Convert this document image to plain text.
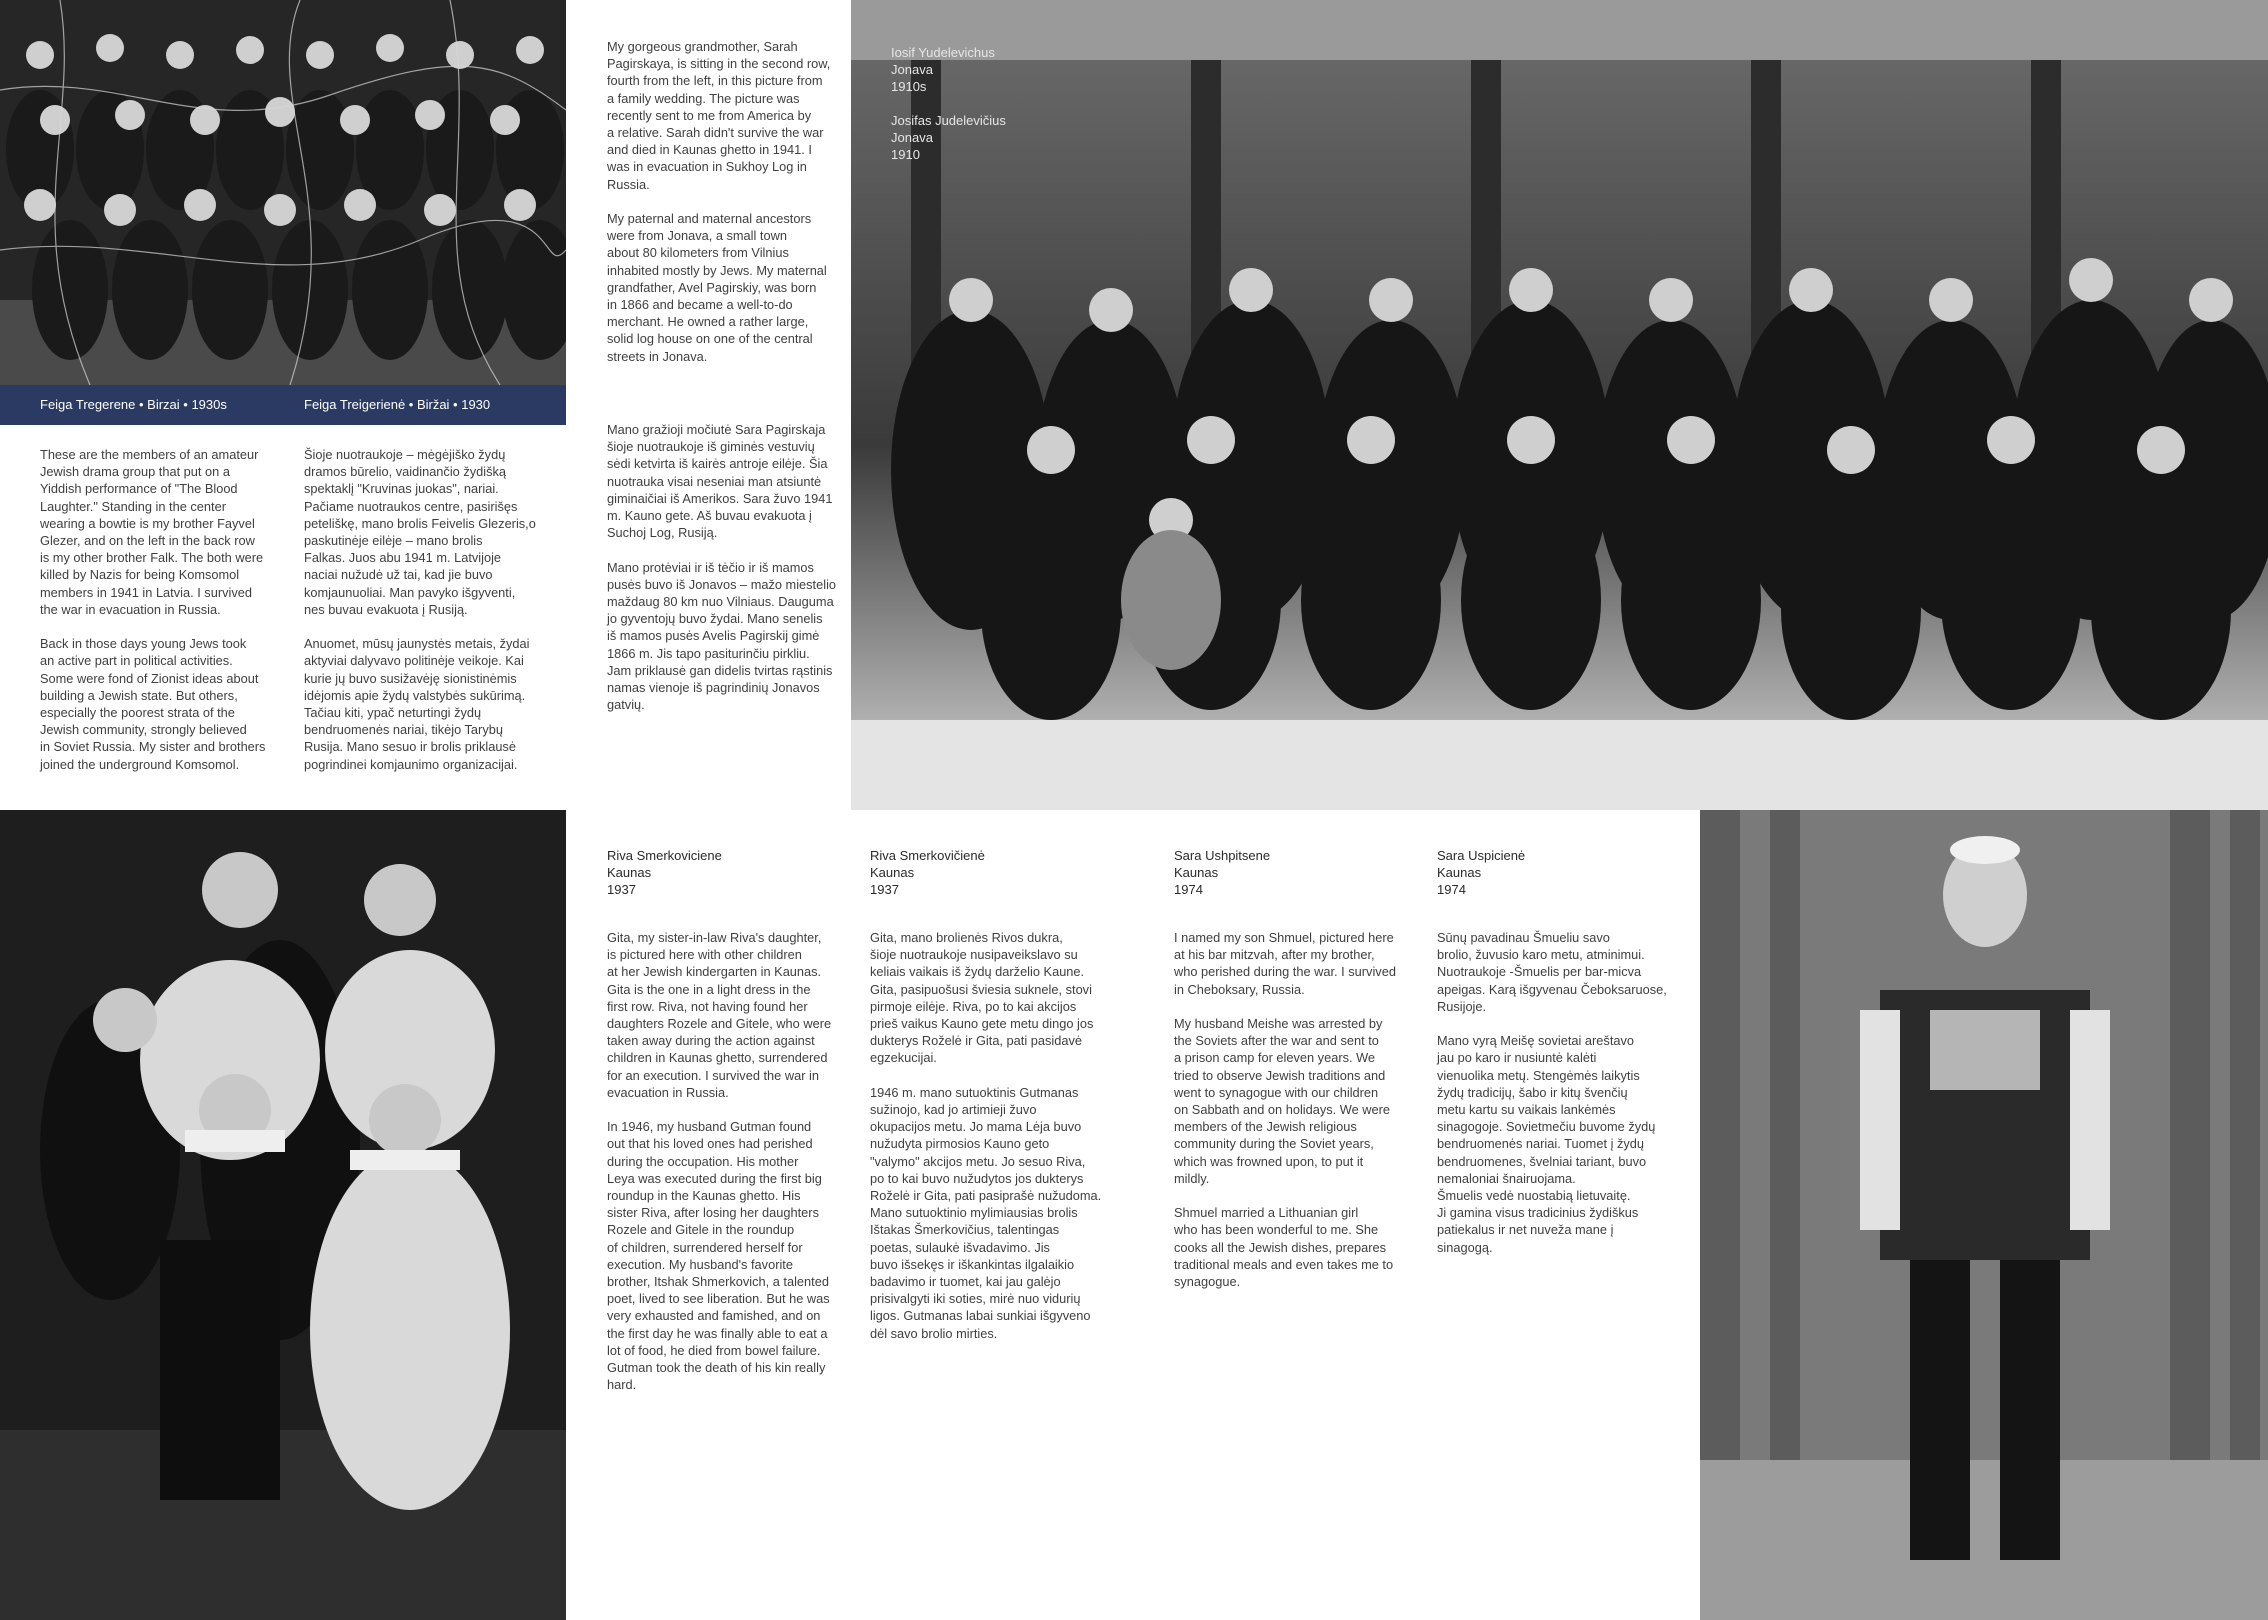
Feiga Tregerene • Birzai • 1930s	Feiga Treigerienė • Biržai • 1930
These are the members of an amateur
Jewish drama group that put on a
Yiddish performance of "The Blood
Laughter." Standing in the center
wearing a bowtie is my brother Fayvel
Glezer, and on the left in the back row
is my other brother Falk. The both were
killed by Nazis for being Komsomol
members in 1941 in Latvia. I survived
the war in evacuation in Russia.

Back in those days young Jews took
an active part in political activities.
Some were fond of Zionist ideas about
building a Jewish state. But others,
especially the poorest strata of the
Jewish community, strongly believed
in Soviet Russia. My sister and brothers
joined the underground Komsomol.
Šioje nuotraukoje – mėgėjiško žydų
dramos būrelio, vaidinančio žydišką
spektaklį "Kruvinas juokas", nariai.
Pačiame nuotraukos centre, pasirišęs
peteliškę, mano brolis Feivelis Glezeris,o
paskutinėje eilėje – mano brolis
Falkas. Juos abu 1941 m. Latvijoje
naciai nužudė už tai, kad jie buvo
komjaunuoliai. Man pavyko išgyventi,
nes buvau evakuota į Rusiją.

Anuomet, mūsų jaunystės metais, žydai
aktyviai dalyvavo politinėje veikoje. Kai
kurie jų buvo susižavėję sionistinėmis
idėjomis apie žydų valstybės sukūrimą.
Tačiau kiti, ypač neturtingi žydų
bendruomenės nariai, tikėjo Tarybų
Rusija. Mano sesuo ir brolis priklausė
pogrindinei komjaunimo organizacijai.
My gorgeous grandmother, Sarah
Pagirskaya, is sitting in the second row,
fourth from the left, in this picture from
a family wedding. The picture was
recently sent to me from America by
a relative. Sarah didn't survive the war
and died in Kaunas ghetto in 1941. I
was in evacuation in Sukhoy Log in
Russia.

My paternal and maternal ancestors
were from Jonava, a small town
about 80 kilometers from Vilnius
inhabited mostly by Jews. My maternal
grandfather, Avel Pagirskiy, was born
in 1866 and became a well-to-do
merchant. He owned a rather large,
solid log house on one of the central
streets in Jonava.
Mano gražioji močiutė Sara Pagirskaja
šioje nuotraukoje iš giminės vestuvių
sėdi ketvirta iš kairės antroje eilėje. Šia
nuotrauka visai neseniai man atsiuntė
giminaičiai iš Amerikos. Sara žuvo 1941
m. Kauno gete. Aš buvau evakuota į
Suchoj Log, Rusiją.

Mano protėviai ir iš tėčio ir iš mamos
pusės buvo iš Jonavos – mažo miestelio
maždaug 80 km nuo Vilniaus. Dauguma
jo gyventojų buvo žydai. Mano senelis
iš mamos pusės Avelis Pagirskij gimė
1866 m. Jis tapo pasiturinčiu pirkliu.
Jam priklausė gan didelis tvirtas rąstinis
namas vienoje iš pagrindinių Jonavos
gatvių.
Iosif Yudelevichus
Jonava
1910s
Josifas Judelevičius
Jonava
1910
Riva Smerkoviciene
Kaunas
1937
Riva Smerkovičienė
Kaunas
1937
Gita, my sister-in-law Riva's daughter,
is pictured here with other children
at her Jewish kindergarten in Kaunas.
Gita is the one in a light dress in the
first row. Riva, not having found her
daughters Rozele and Gitele, who were
taken away during the action against
children in Kaunas ghetto, surrendered
for an execution. I survived the war in
evacuation in Russia.

In 1946, my husband Gutman found
out that his loved ones had perished
during the occupation. His mother
Leya was executed during the first big
roundup in the Kaunas ghetto. His
sister Riva, after losing her daughters
Rozele and Gitele in the roundup
of children, surrendered herself for
execution. My husband's favorite
brother, Itshak Shmerkovich, a talented
poet, lived to see liberation. But he was
very exhausted and famished, and on
the first day he was finally able to eat a
lot of food, he died from bowel failure.
Gutman took the death of his kin really
hard.
Gita, mano brolienės Rivos dukra,
šioje nuotraukoje nusipaveikslavo su
keliais vaikais iš žydų darželio Kaune.
Gita, pasipuošusi šviesia suknele, stovi
pirmoje eilėje. Riva, po to kai akcijos
prieš vaikus Kauno gete metu dingo jos
dukterys Roželė ir Gita, pati pasidavė
egzekucijai.

1946 m. mano sutuoktinis Gutmanas
sužinojo, kad jo artimieji žuvo
okupacijos metu. Jo mama Lėja buvo
nužudyta pirmosios Kauno geto
"valymo" akcijos metu. Jo sesuo Riva,
po to kai buvo nužudytos jos dukterys
Roželė ir Gita, pati pasiprašė nužudoma.
Mano sutuoktinio mylimiausias brolis
Ištakas Šmerkovičius, talentingas
poetas, sulaukė išvadavimo. Jis
buvo išsekęs ir iškankintas ilgalaikio
badavimo ir tuomet, kai jau galėjo
prisivalgyti iki soties, mirė nuo vidurių
ligos. Gutmanas labai sunkiai išgyveno
dėl savo brolio mirties.
Sara Ushpitsene
Kaunas
1974
Sara Uspicienė
Kaunas
1974
I named my son Shmuel, pictured here
at his bar mitzvah, after my brother,
who perished during the war. I survived
in Cheboksary, Russia.

My husband Meishe was arrested by
the Soviets after the war and sent to
a prison camp for eleven years. We
tried to observe Jewish traditions and
went to synagogue with our children
on Sabbath and on holidays. We were
members of the Jewish religious
community during the Soviet years,
which was frowned upon, to put it
mildly.

Shmuel married a Lithuanian girl
who has been wonderful to me. She
cooks all the Jewish dishes, prepares
traditional meals and even takes me to
synagogue.
Sūnų pavadinau Šmueliu savo
brolio, žuvusio karo metu, atminimui.
Nuotraukoje -Šmuelis per bar-micva
apeigas. Karą išgyvenau Čeboksaruose,
Rusijoje.

Mano vyrą Meišę sovietai areštavo
jau po karo ir nusiuntė kalėti
vienuolika metų. Stengėmės laikytis
žydų tradicijų, šabo ir kitų švenčių
metu kartu su vaikais lankėmės
sinagogoje. Sovietmečiu buvome žydų
bendruomenės nariai. Tuomet į žydų
bendruomenes, švelniai tariant, buvo
nemaloniai šnairuojama.
Šmuelis vedė nuostabią lietuvaitę.
Ji gamina visus tradicinius žydiškus
patiekalus ir net nuveža mane į
sinagogą.
